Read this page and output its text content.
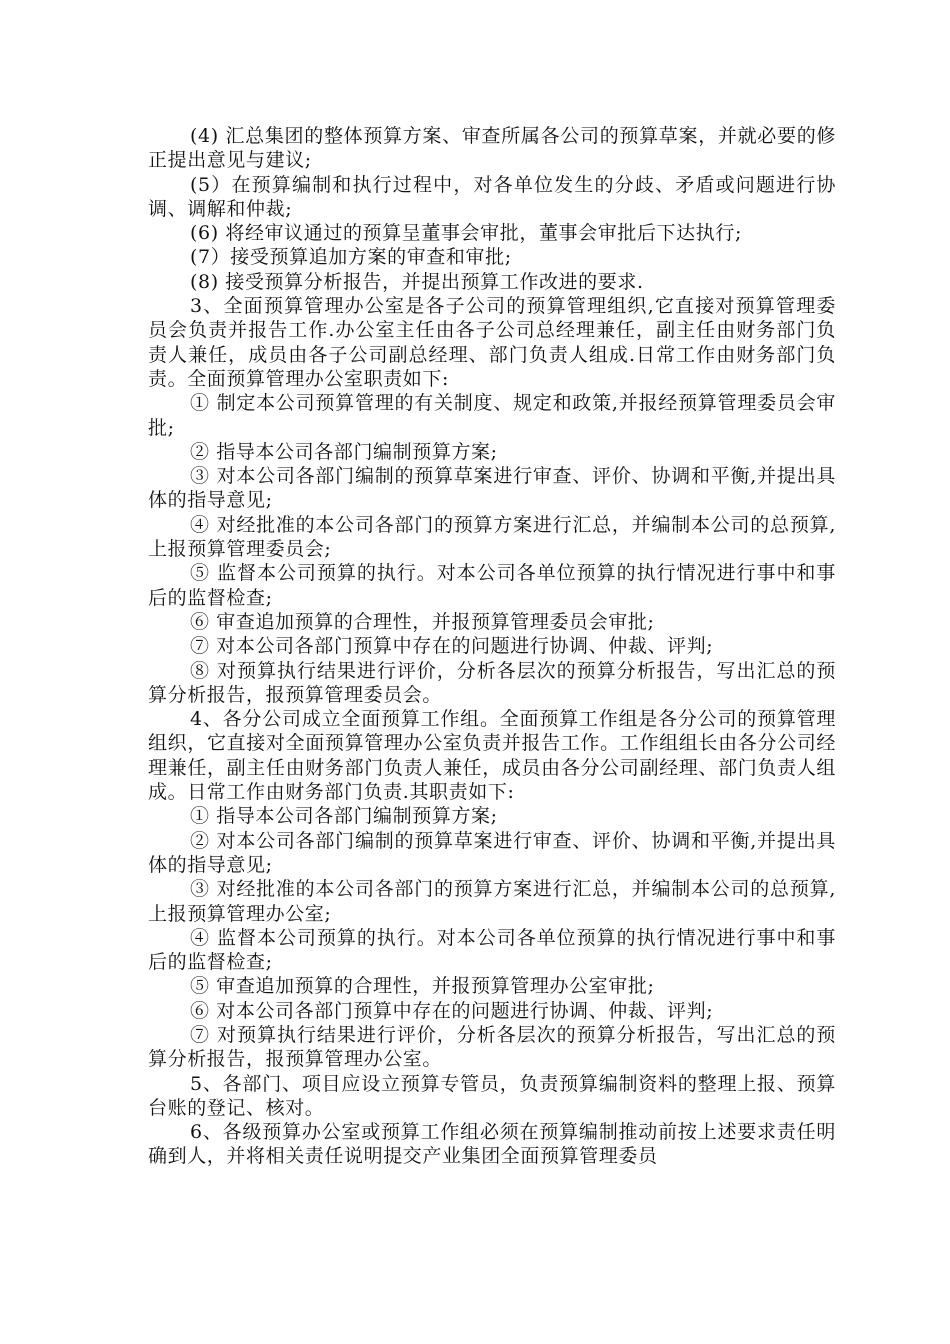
(4) 汇总集团的整体预算方案、审查所属各公司的预算草案，并就必要的修正提出意见与建议;

(5）在预算编制和执行过程中，对各单位发生的分歧、矛盾或问题进行协调、调解和仲裁;

(6) 将经审议通过的预算呈董事会审批，董事会审批后下达执行;

(7）接受预算追加方案的审查和审批;

(8) 接受预算分析报告，并提出预算工作改进的要求.

3、全面预算管理办公室是各子公司的预算管理组织,它直接对预算管理委员会负责并报告工作.办公室主任由各子公司总经理兼任，副主任由财务部门负责人兼任，成员由各子公司副总经理、部门负责人组成.日常工作由财务部门负责。全面预算管理办公室职责如下:

① 制定本公司预算管理的有关制度、规定和政策,并报经预算管理委员会审批;

② 指导本公司各部门编制预算方案;

③ 对本公司各部门编制的预算草案进行审查、评价、协调和平衡,并提出具体的指导意见;

④ 对经批准的本公司各部门的预算方案进行汇总，并编制本公司的总预算,上报预算管理委员会;

⑤ 监督本公司预算的执行。对本公司各单位预算的执行情况进行事中和事后的监督检查;

⑥ 审查追加预算的合理性，并报预算管理委员会审批;

⑦ 对本公司各部门预算中存在的问题进行协调、仲裁、评判;

⑧ 对预算执行结果进行评价，分析各层次的预算分析报告，写出汇总的预算分析报告，报预算管理委员会。

4、各分公司成立全面预算工作组。全面预算工作组是各分公司的预算管理组织，它直接对全面预算管理办公室负责并报告工作。工作组组长由各分公司经理兼任，副主任由财务部门负责人兼任，成员由各分公司副经理、部门负责人组成。日常工作由财务部门负责.其职责如下:

① 指导本公司各部门编制预算方案;

② 对本公司各部门编制的预算草案进行审查、评价、协调和平衡,并提出具体的指导意见;

③ 对经批准的本公司各部门的预算方案进行汇总，并编制本公司的总预算,上报预算管理办公室;

④ 监督本公司预算的执行。对本公司各单位预算的执行情况进行事中和事后的监督检查;

⑤ 审查追加预算的合理性，并报预算管理办公室审批;

⑥ 对本公司各部门预算中存在的问题进行协调、仲裁、评判;

⑦ 对预算执行结果进行评价，分析各层次的预算分析报告，写出汇总的预算分析报告，报预算管理办公室。

5、各部门、项目应设立预算专管员，负责预算编制资料的整理上报、预算台账的登记、核对。

6、各级预算办公室或预算工作组必须在预算编制推动前按上述要求责任明确到人，并将相关责任说明提交产业集团全面预算管理委员
